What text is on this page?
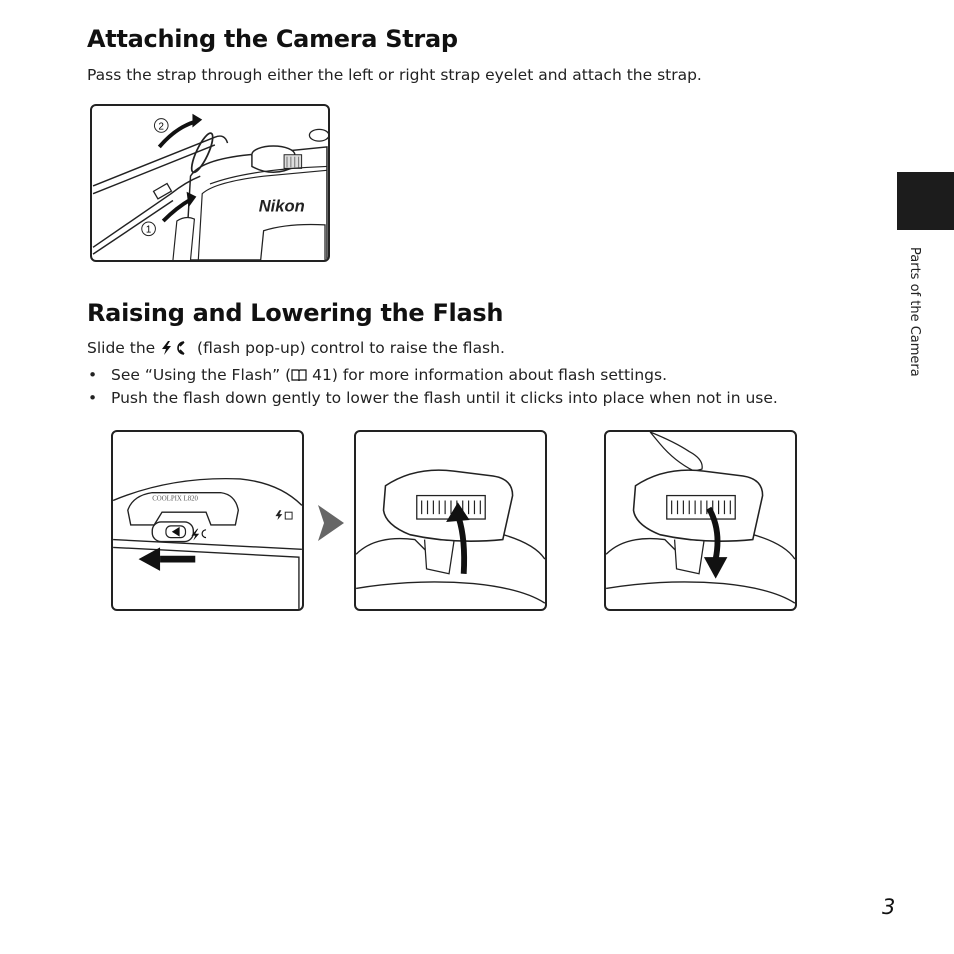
Attaching the Camera Strap
Pass the strap through either the left or right strap eyelet and attach the strap.
2
1
Nikon
Raising and Lowering the Flash
Slide the  (flash pop-up) control to raise the flash.
• See “Using the Flash” ( 41) for more information about flash settings.
• Push the flash down gently to lower the flash until it clicks into place when not in use.
COOLPIX L820
Parts of the Camera
3
